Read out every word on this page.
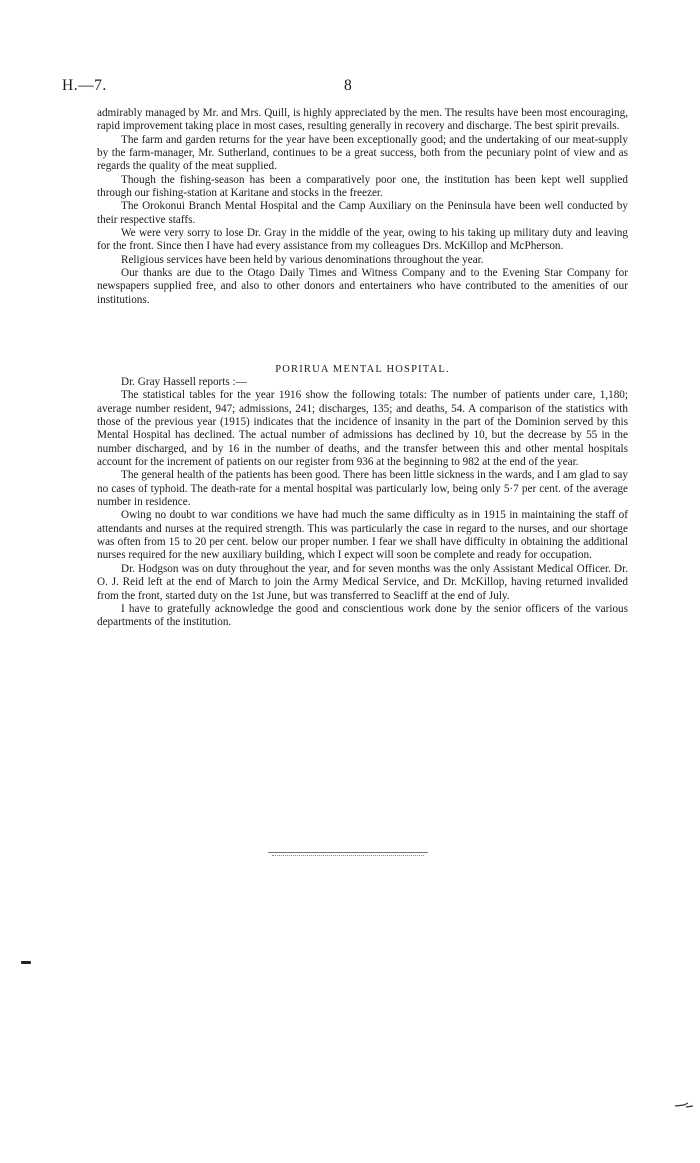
H.—7.	8

admirably managed by Mr. and Mrs. Quill, is highly appreciated by the men. The results have been most encouraging, rapid improvement taking place in most cases, resulting generally in recovery and discharge. The best spirit prevails.

The farm and garden returns for the year have been exceptionally good; and the undertaking of our meat-supply by the farm-manager, Mr. Sutherland, continues to be a great success, both from the pecuniary point of view and as regards the quality of the meat supplied.

Though the fishing-season has been a comparatively poor one, the institution has been kept well supplied through our fishing-station at Karitane and stocks in the freezer.

The Orokonui Branch Mental Hospital and the Camp Auxiliary on the Peninsula have been well conducted by their respective staffs.

We were very sorry to lose Dr. Gray in the middle of the year, owing to his taking up military duty and leaving for the front. Since then I have had every assistance from my colleagues Drs. McKillop and McPherson.

Religious services have been held by various denominations throughout the year.

Our thanks are due to the Otago Daily Times and Witness Company and to the Evening Star Company for newspapers supplied free, and also to other donors and entertainers who have contributed to the amenities of our institutions.

PORIRUA MENTAL HOSPITAL.

Dr. Gray Hassell reports :—

The statistical tables for the year 1916 show the following totals: The number of patients under care, 1,180; average number resident, 947; admissions, 241; discharges, 135; and deaths, 54. A comparison of the statistics with those of the previous year (1915) indicates that the incidence of insanity in the part of the Dominion served by this Mental Hospital has declined. The actual number of admissions has declined by 10, but the decrease by 55 in the number discharged, and by 16 in the number of deaths, and the transfer between this and other mental hospitals account for the increment of patients on our register from 936 at the beginning to 982 at the end of the year.

The general health of the patients has been good. There has been little sickness in the wards, and I am glad to say no cases of typhoid. The death-rate for a mental hospital was particularly low, being only 5·7 per cent. of the average number in residence.

Owing no doubt to war conditions we have had much the same difficulty as in 1915 in maintaining the staff of attendants and nurses at the required strength. This was particularly the case in regard to the nurses, and our shortage was often from 15 to 20 per cent. below our proper number. I fear we shall have difficulty in obtaining the additional nurses required for the new auxiliary building, which I expect will soon be complete and ready for occupation.

Dr. Hodgson was on duty throughout the year, and for seven months was the only Assistant Medical Officer. Dr. O. J. Reid left at the end of March to join the Army Medical Service, and Dr. McKillop, having returned invalided from the front, started duty on the 1st June, but was transferred to Seacliff at the end of July.

I have to gratefully acknowledge the good and conscientious work done by the senior officers of the various departments of the institution.
